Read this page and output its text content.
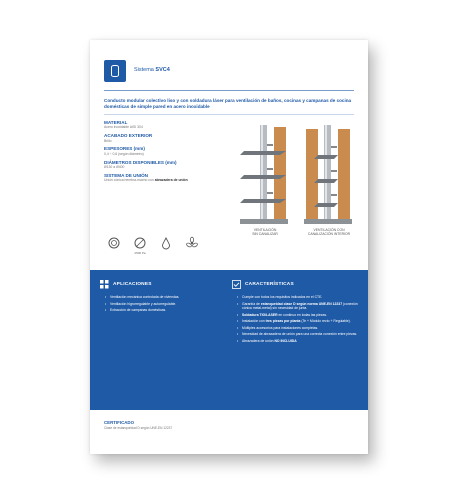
Sistema SVC4
Conducto modular colectivo liso y con soldadura láser para ventilación de baños, cocinas y campanas de cocina domésticas de simple pared en acero inoxidable
MATERIAL
Acero inoxidable AISI 304
ACABADO EXTERIOR
Brillo
ESPESORES (mm)
0,4 ÷ 0,6 (según diámetro)
DIÁMETROS DISPONIBLES (mm)
Ø130 a Ø400
SISTEMA DE UNIÓN
Unión cónica hembra-macho con abrazadera de unión
2500 Pa
VENTILACIÓN
SIN CANALIZAR
VENTILACIÓN CON
CANALIZACIÓN INTERIOR
APLICACIONES
• Ventilación mecánica controlada de viviendas.
• Ventilación higrorregulable y autorregulable.
• Extracción de campanas domésticas.
CARACTERÍSTICAS
• Cumple con todos los requisitos indicados en el CTE.
• Garantía de estanqueidad clase D según norma UNE-EN 12237 (conexión cónica metal-metal) sin necesidad de junta.
• Soldadura TIG/LASER en continuo en todas las piezas.
• Instalación con tres piezas por planta (Te + Módulo recto + Regulable).
• Múltiples accesorios para instalaciones completas.
• Necesidad de abrazadera de unión para una correcta conexión entre piezas.
• Abrazadera de unión NO INCLUIDA
CERTIFICADO
Clase de estanqueidad D según UNE-EN 12237
